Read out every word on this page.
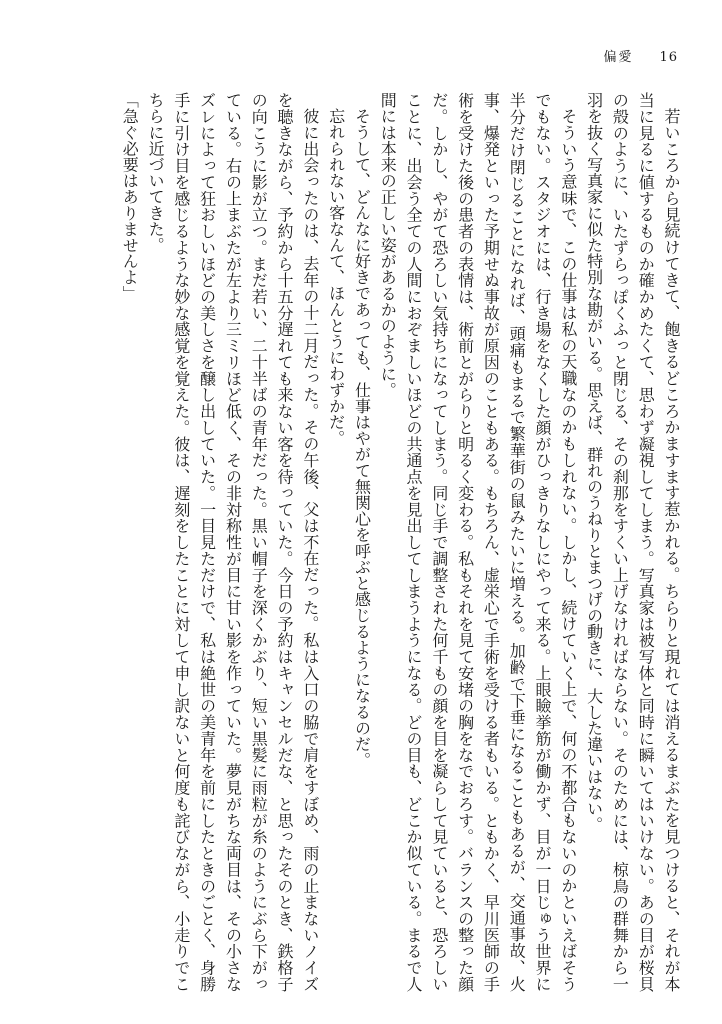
偏愛 16

若いころから見続けてきて、飽きるどころかますます惹かれる。ちらりと現れては消えるまぶたを見つけると、それが本当に見るに値するものか確かめたくて、思わず凝視してしまう。写真家は被写体と同時に瞬いてはいけない。あの目が桜貝の殻のように、いたずらっぽくふっと閉じる、その刹那をすくい上げなければならない。そのためには、椋鳥の群舞から一羽を抜く写真家に似た特別な勘がいる。思えば、群れのうねりとまつげの動きに、大した違いはない。

そういう意味で、この仕事は私の天職なのかもしれない。しかし、続けていく上で、何の不都合もないのかといえばそうでもない。スタジオには、行き場をなくした顔がひっきりなしにやって来る。上眼瞼挙筋が働かず、目が一日じゅう世界に半分だけ閉じることになれば、頭痛もまるで繁華街の鼠みたいに増える。加齢で下垂になることもあるが、交通事故、火事、爆発といった予期せぬ事故が原因のこともある。もちろん、虚栄心で手術を受ける者もいる。ともかく、早川医師の手術を受けた後の患者の表情は、術前とがらりと明るく変わる。私もそれを見て安堵の胸をなでおろす。バランスの整った顔だ。しかし、やがて恐ろしい気持ちになってしまう。同じ手で調整された何千もの顔を目を凝らして見ていると、恐ろしいことに、出会う全ての人間におぞましいほどの共通点を見出してしまうようになる。どの目も、どこか似ている。まるで人間には本来の正しい姿があるかのように。

そうして、どんなに好きであっても、仕事はやがて無関心を呼ぶと感じるようになるのだ。

忘れられない客なんて、ほんとうにわずかだ。

彼に出会ったのは、去年の十二月だった。その午後、父は不在だった。私は入口の脇で肩をすぼめ、雨の止まないノイズを聴きながら、予約から十五分遅れても来ない客を待っていた。今日の予約はキャンセルだな、と思ったそのとき、鉄格子の向こうに影が立つ。まだ若い、二十半ばの青年だった。黒い帽子を深くかぶり、短い黒髪に雨粒が糸のようにぶら下がっている。右の上まぶたが左より三ミリほど低く、その非対称性が目に甘い影を作っていた。夢見がちな両目は、その小さなズレによって狂おしいほどの美しさを醸し出していた。一目見ただけで、私は絶世の美青年を前にしたときのごとく、身勝手に引け目を感じるような妙な感覚を覚えた。彼は、遅刻をしたことに対して申し訳ないと何度も詫びながら、小走りでこちらに近づいてきた。

「急ぐ必要はありませんよ」
